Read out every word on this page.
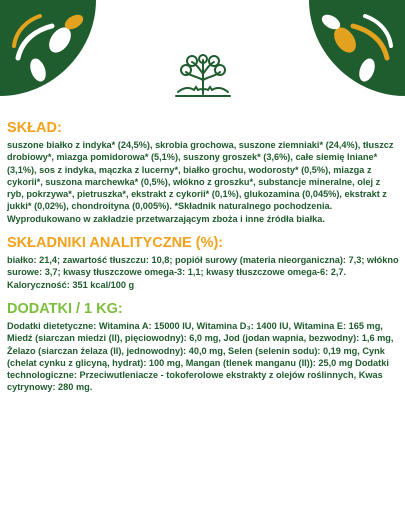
SKŁAD:

suszone białko z indyka* (24,5%), skrobia grochowa, suszone ziemniaki* (24,4%), tłuszcz drobiowy*, miazga pomidorowa* (5,1%), suszony groszek* (3,6%), całe siemię lniane* (3,1%), sos z indyka, mączka z lucerny*, białko grochu, wodorosty* (0,5%), miazga z cykorii*, suszona marchewka* (0,5%), włókno z groszku*, substancje mineralne, olej z ryb, pokrzywa*, pietruszka*, ekstrakt z cykorii* (0,1%), glukozamina (0,045%), ekstrakt z jukki* (0,02%), chondroityna (0,005%). *Składnik naturalnego pochodzenia. Wyprodukowano w zakładzie przetwarzającym zboża i inne źródła białka.

SKŁADNIKI ANALITYCZNE (%):

białko: 21,4; zawartość tłuszczu: 10,8; popiół surowy (materia nieorganiczna): 7,3; włókno surowe: 3,7; kwasy tłuszczowe omega-3: 1,1; kwasy tłuszczowe omega-6: 2,7.

Kaloryczność: 351 kcal/100 g

DODATKI / 1 KG:

Dodatki dietetyczne: Witamina A: 15000 IU, Witamina D₃: 1400 IU, Witamina E: 165 mg, Miedź (siarczan miedzi (II), pięciowodny): 6,0 mg, Jod (jodan wapnia, bezwodny): 1,6 mg, Żelazo (siarczan żelaza (II), jednowodny): 40,0 mg, Selen (selenin sodu): 0,19 mg, Cynk (chelat cynku z glicyną, hydrat): 100 mg, Mangan (tlenek manganu (II)): 25,0 mg Dodatki technologiczne: Przeciwutleniacze - tokoferolowe ekstrakty z olejów roślinnych, Kwas cytrynowy: 280 mg.
